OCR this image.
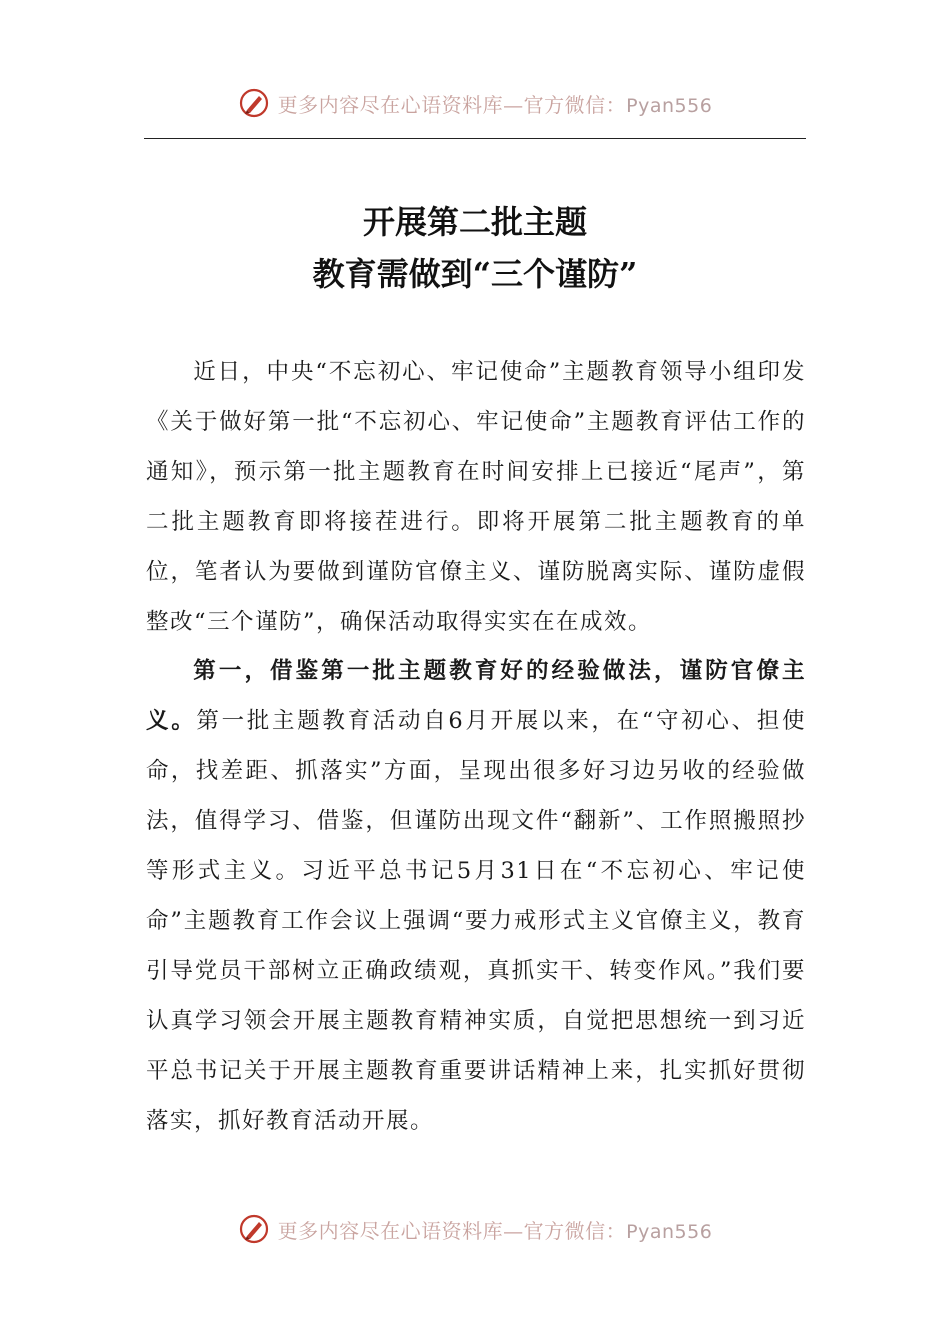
更多内容尽在心语资料库—官方微信：Pyan556
开展第二批主题
教育需做到“三个谨防”

近日，中央“不忘初心、牢记使命”主题教育领导小组印发《关于做好第一批“不忘初心、牢记使命”主题教育评估工作的通知》，预示第一批主题教育在时间安排上已接近“尾声”，第二批主题教育即将接茬进行。即将开展第二批主题教育的单位，笔者认为要做到谨防官僚主义、谨防脱离实际、谨防虚假整改“三个谨防”，确保活动取得实实在在成效。

第一，借鉴第一批主题教育好的经验做法，谨防官僚主义。第一批主题教育活动自6月开展以来，在“守初心、担使命，找差距、抓落实”方面，呈现出很多好习边另收的经验做法，值得学习、借鉴，但谨防出现文件“翻新”、工作照搬照抄等形式主义。习近平总书记5月31日在“不忘初心、牢记使命”主题教育工作会议上强调“要力戒形式主义官僚主义，教育引导党员干部树立正确政绩观，真抓实干、转变作风。”我们要认真学习领会开展主题教育精神实质，自觉把思想统一到习近平总书记关于开展主题教育重要讲话精神上来，扎实抓好贯彻落实，抓好教育活动开展。

更多内容尽在心语资料库—官方微信：Pyan556
